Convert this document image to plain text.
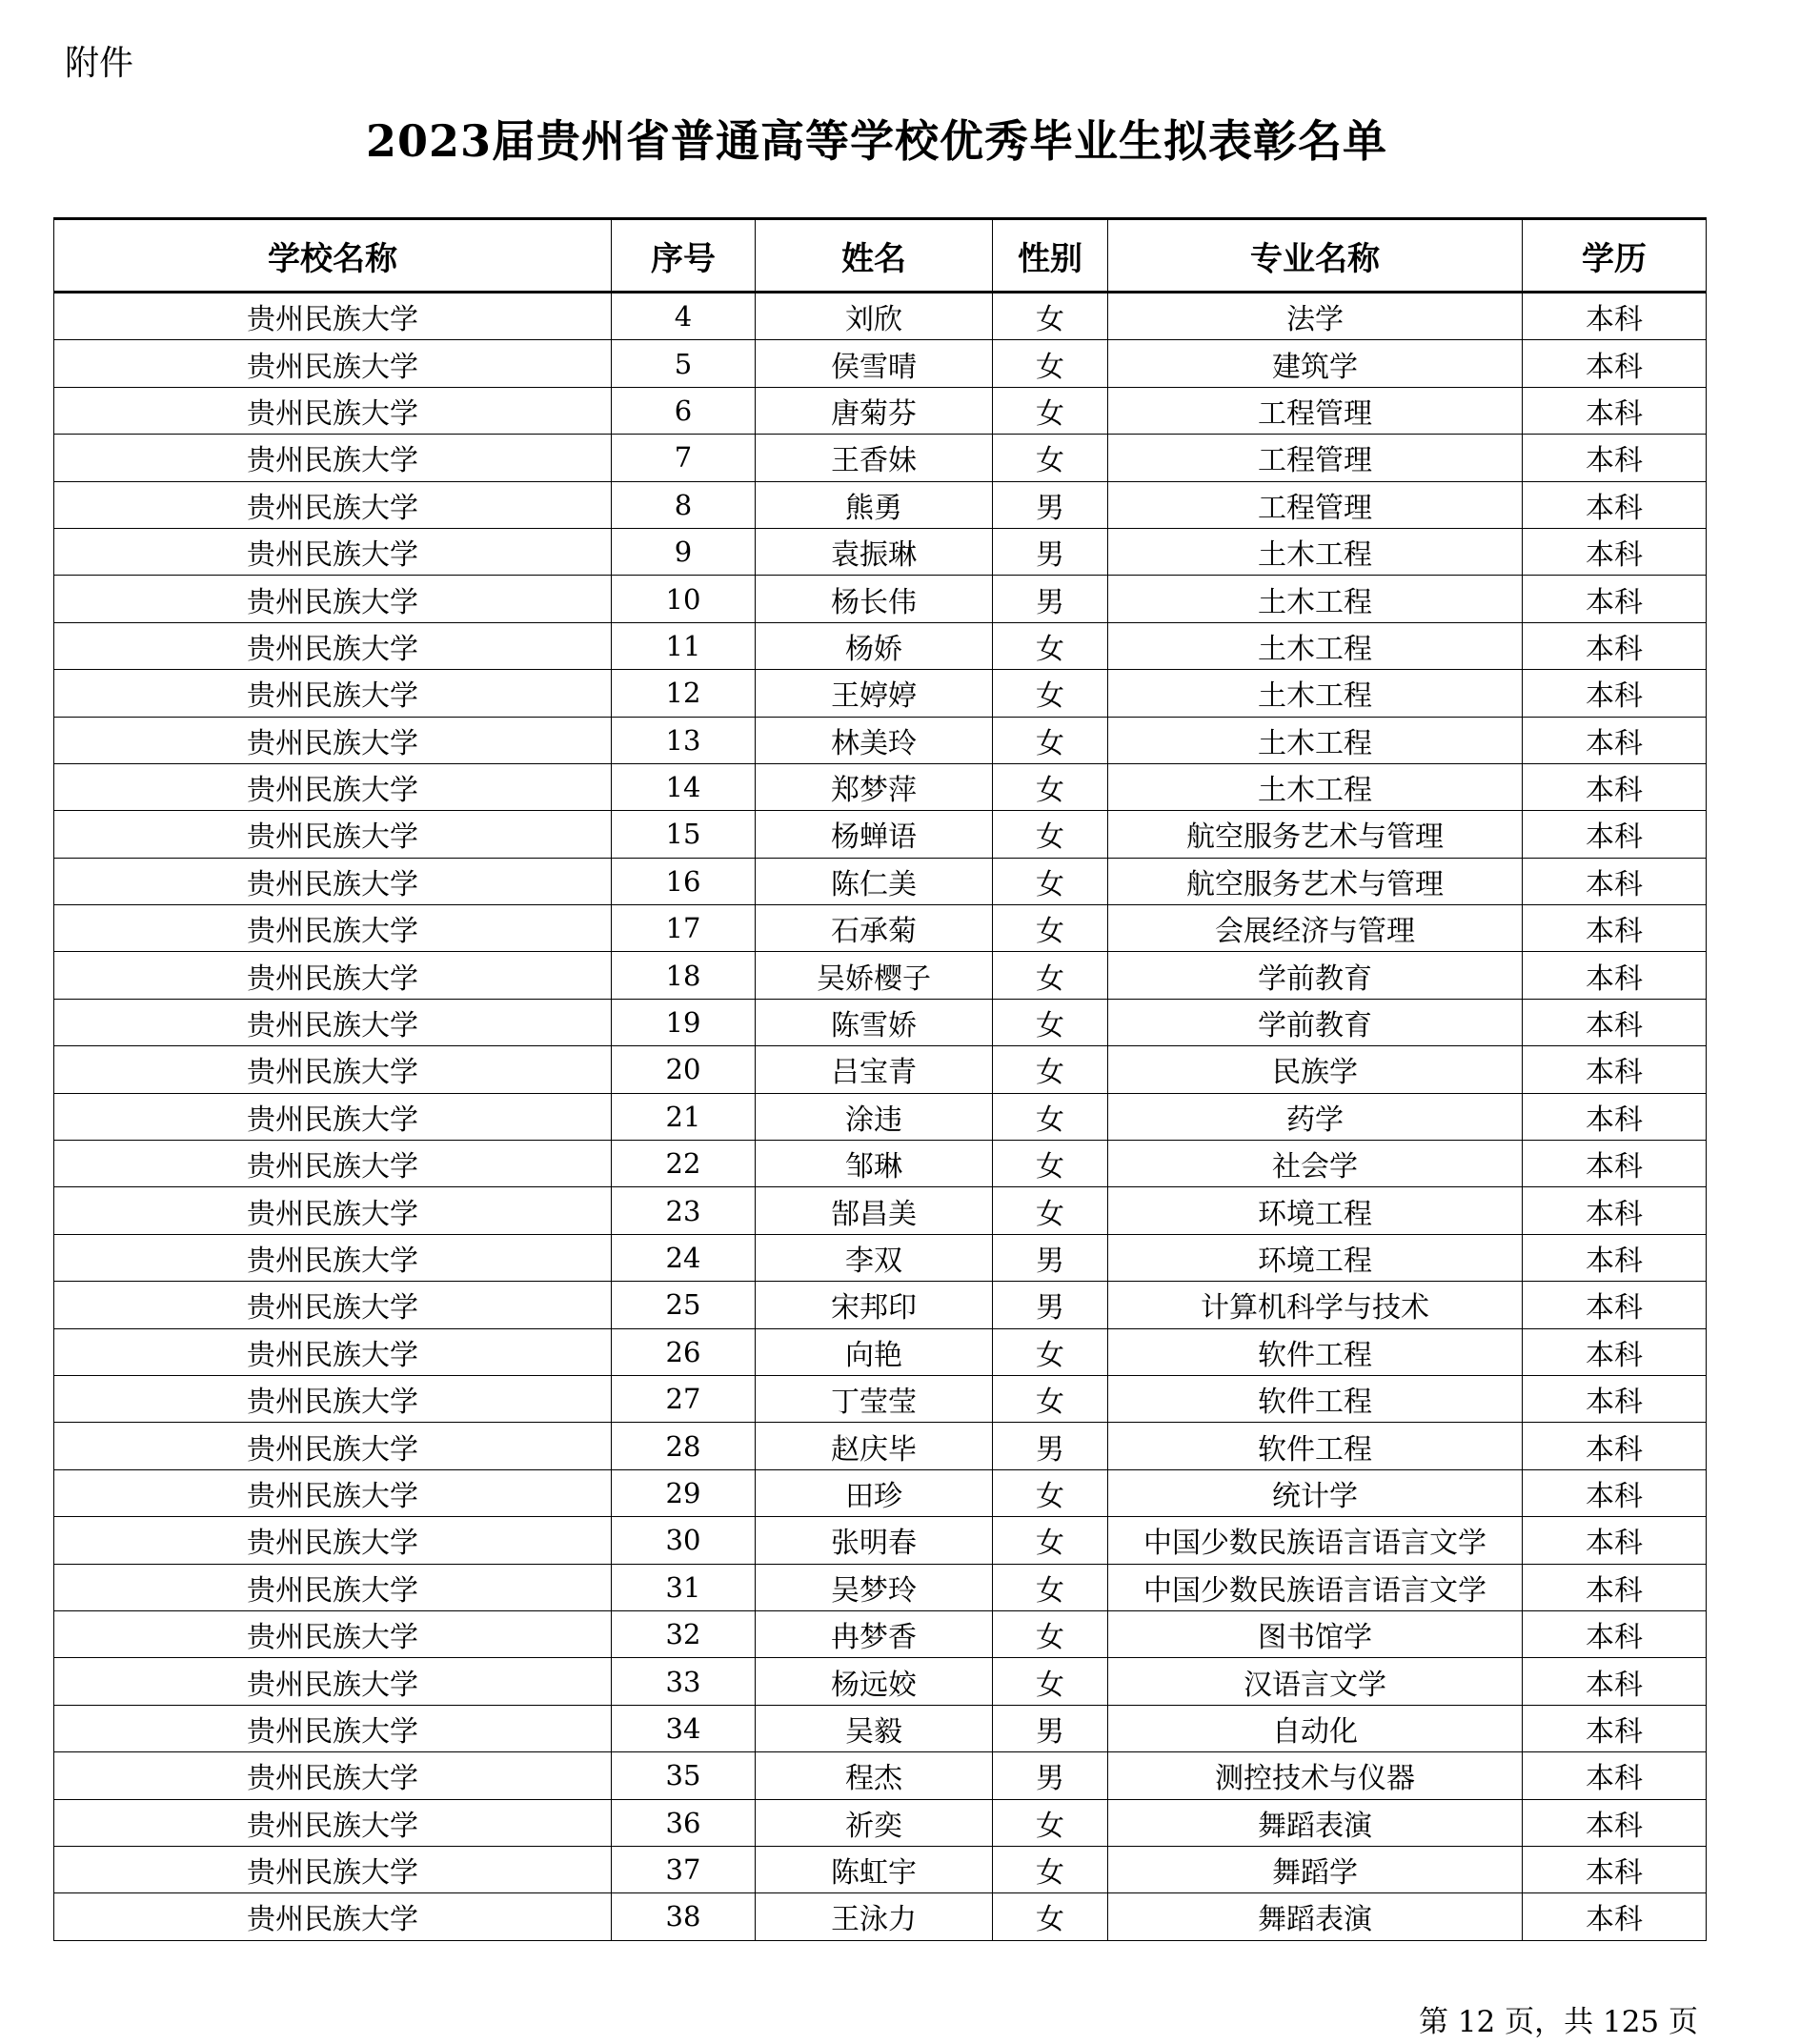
附件
2023届贵州省普通高等学校优秀毕业生拟表彰名单
学校名称	序号	姓名	性别	专业名称	学历
贵州民族大学	4	刘欣	女	法学	本科
贵州民族大学	5	侯雪晴	女	建筑学	本科
贵州民族大学	6	唐菊芬	女	工程管理	本科
贵州民族大学	7	王香妹	女	工程管理	本科
贵州民族大学	8	熊勇	男	工程管理	本科
贵州民族大学	9	袁振琳	男	土木工程	本科
贵州民族大学	10	杨长伟	男	土木工程	本科
贵州民族大学	11	杨娇	女	土木工程	本科
贵州民族大学	12	王婷婷	女	土木工程	本科
贵州民族大学	13	林美玲	女	土木工程	本科
贵州民族大学	14	郑梦萍	女	土木工程	本科
贵州民族大学	15	杨蝉语	女	航空服务艺术与管理	本科
贵州民族大学	16	陈仁美	女	航空服务艺术与管理	本科
贵州民族大学	17	石承菊	女	会展经济与管理	本科
贵州民族大学	18	吴娇樱子	女	学前教育	本科
贵州民族大学	19	陈雪娇	女	学前教育	本科
贵州民族大学	20	吕宝青	女	民族学	本科
贵州民族大学	21	涂违	女	药学	本科
贵州民族大学	22	邹琳	女	社会学	本科
贵州民族大学	23	郜昌美	女	环境工程	本科
贵州民族大学	24	李双	男	环境工程	本科
贵州民族大学	25	宋邦印	男	计算机科学与技术	本科
贵州民族大学	26	向艳	女	软件工程	本科
贵州民族大学	27	丁莹莹	女	软件工程	本科
贵州民族大学	28	赵庆毕	男	软件工程	本科
贵州民族大学	29	田珍	女	统计学	本科
贵州民族大学	30	张明春	女	中国少数民族语言语言文学	本科
贵州民族大学	31	吴梦玲	女	中国少数民族语言语言文学	本科
贵州民族大学	32	冉梦香	女	图书馆学	本科
贵州民族大学	33	杨远姣	女	汉语言文学	本科
贵州民族大学	34	吴毅	男	自动化	本科
贵州民族大学	35	程杰	男	测控技术与仪器	本科
贵州民族大学	36	祈奕	女	舞蹈表演	本科
贵州民族大学	37	陈虹宇	女	舞蹈学	本科
贵州民族大学	38	王泳力	女	舞蹈表演	本科
第 12 页，共 125 页
